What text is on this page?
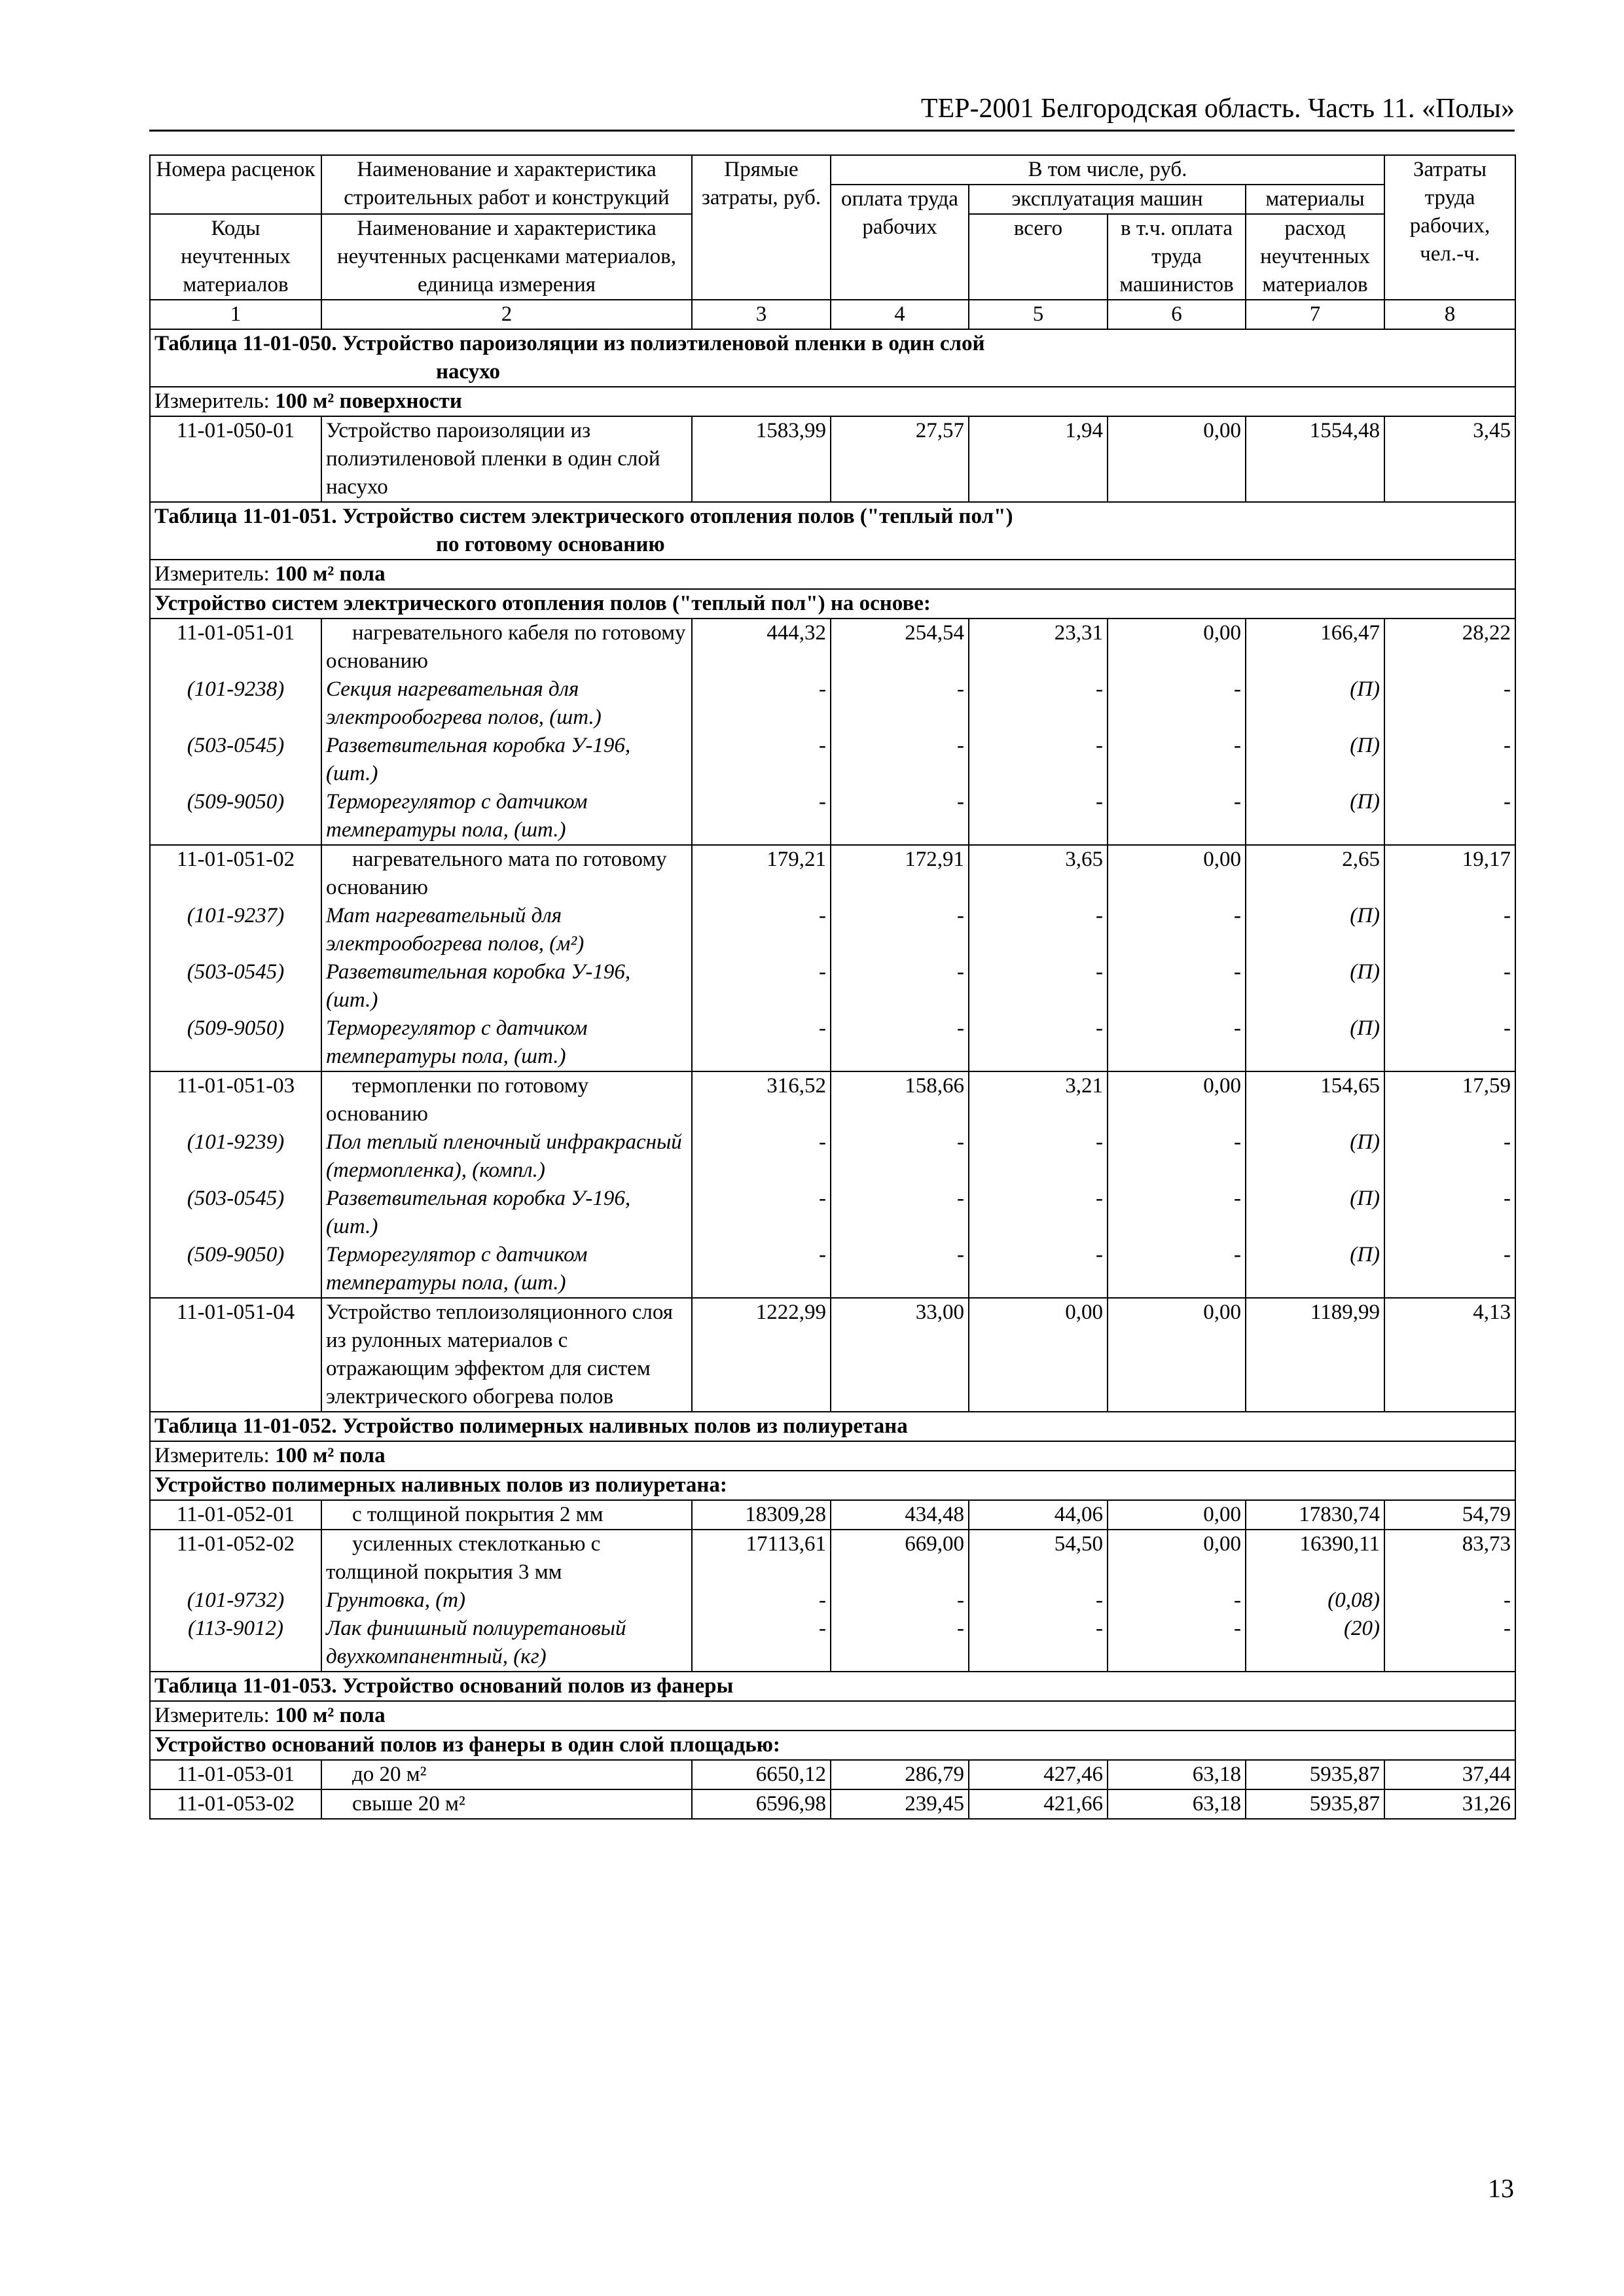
ТЕР-2001 Белгородская область. Часть 11. «Полы»
Номера расценок	Наименование и характеристика строительных работ и конструкций	Прямые затраты, руб.	В том числе, руб.				Затраты труда рабочих, чел.-ч.
			оплата труда рабочих	эксплуатация машин		материалы	
Коды неучтенных материалов	Наименование и характеристика неучтенных расценками материалов, единица измерения			всего	в т.ч. оплата труда машинистов	расход неучтенных материалов	

1	2	3	4	5	6	7	8
Таблица 11-01-050. Устройство пароизоляции из полиэтиленовой пленки в один слой
насухо							

Измеритель: 100 м² поверхности							
11-01-050-01	Устройство пароизоляции из полиэтиленовой пленки в один слой насухо	1583,99	27,57	1,94	0,00	1554,48	3,45
Таблица 11-01-051. Устройство систем электрического отопления полов ("теплый пол")
по готовому основанию							

Измеритель: 100 м² пола							
Устройство систем электрического отопления полов ("теплый пол") на основе:							
11-01-051-01	нагревательного кабеля по готовому основанию	444,32	254,54	23,31	0,00	166,47	28,22
(101-9238)	Секция нагревательная для электрообогрева полов, (шт.)	-	-	-	-	(П)	-
(503-0545)	Разветвительная коробка У-196, (шт.)	-	-	-	-	(П)	-
(509-9050)	Терморегулятор с датчиком температуры пола, (шт.)	-	-	-	-	(П)	-
11-01-051-02	нагревательного мата по готовому основанию	179,21	172,91	3,65	0,00	2,65	19,17
(101-9237)	Мат нагревательный для электрообогрева полов, (м²)	-	-	-	-	(П)	-
(503-0545)	Разветвительная коробка У-196, (шт.)	-	-	-	-	(П)	-
(509-9050)	Терморегулятор с датчиком температуры пола, (шт.)	-	-	-	-	(П)	-
11-01-051-03	термопленки по готовому основанию	316,52	158,66	3,21	0,00	154,65	17,59
(101-9239)	Пол теплый пленочный инфракрасный (термопленка), (компл.)	-	-	-	-	(П)	-
(503-0545)	Разветвительная коробка У-196, (шт.)	-	-	-	-	(П)	-
(509-9050)	Терморегулятор с датчиком температуры пола, (шт.)	-	-	-	-	(П)	-
11-01-051-04	Устройство теплоизоляционного слоя из рулонных материалов с отражающим эффектом для систем электрического обогрева полов	1222,99	33,00	0,00	0,00	1189,99	4,13
Таблица 11-01-052. Устройство полимерных наливных полов из полиуретана							
Измеритель: 100 м² пола							
Устройство полимерных наливных полов из полиуретана:							
11-01-052-01	с толщиной покрытия 2 мм	18309,28	434,48	44,06	0,00	17830,74	54,79
11-01-052-02	усиленных стеклотканью с толщиной покрытия 3 мм	17113,61	669,00	54,50	0,00	16390,11	83,73
(101-9732)	Грунтовка, (т)	-	-	-	-	(0,08)	-
(113-9012)	Лак финишный полиуретановый двухкомпанентный, (кг)	-	-	-	-	(20)	-
Таблица 11-01-053. Устройство оснований полов из фанеры							
Измеритель: 100 м² пола							
Устройство оснований полов из фанеры в один слой площадью:							
11-01-053-01	до 20 м²	6650,12	286,79	427,46	63,18	5935,87	37,44
11-01-053-02	свыше 20 м²	6596,98	239,45	421,66	63,18	5935,87	31,26
13
